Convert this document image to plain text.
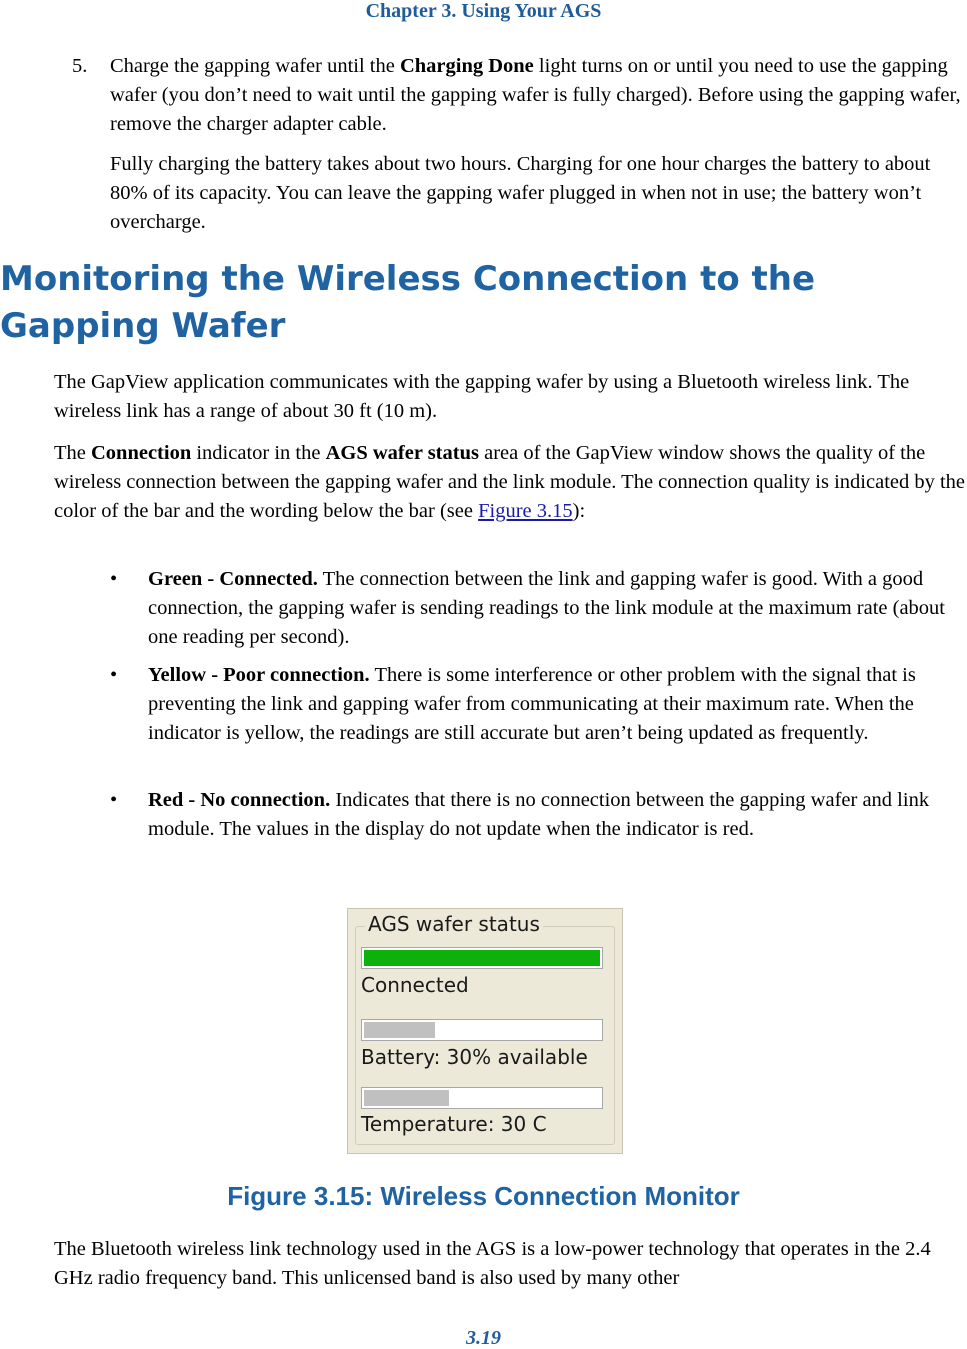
Chapter 3. Using Your AGS
5. Charge the gapping wafer until the Charging Done light turns on or until you need to use the gapping wafer (you don’t need to wait until the gapping wafer is fully charged). Before using the gapping wafer, remove the charger adapter cable.

Fully charging the battery takes about two hours. Charging for one hour charges the battery to about 80% of its capacity. You can leave the gapping wafer plugged in when not in use; the battery won’t overcharge.

Monitoring the Wireless Connection to the Gapping Wafer

The GapView application communicates with the gapping wafer by using a Bluetooth wireless link. The wireless link has a range of about 30 ft (10 m).

The Connection indicator in the AGS wafer status area of the GapView window shows the quality of the wireless connection between the gapping wafer and the link module. The connection quality is indicated by the color of the bar and the wording below the bar (see Figure 3.15):

• Green - Connected. The connection between the link and gapping wafer is good. With a good connection, the gapping wafer is sending readings to the link module at the maximum rate (about one reading per second).
• Yellow - Poor connection. There is some interference or other problem with the signal that is preventing the link and gapping wafer from communicating at their maximum rate. When the indicator is yellow, the readings are still accurate but aren’t being updated as frequently.
• Red - No connection. Indicates that there is no connection between the gapping wafer and link module. The values in the display do not update when the indicator is red.
AGS wafer status
Connected
Battery: 30% available
Temperature: 30 C

Figure 3.15: Wireless Connection Monitor

The Bluetooth wireless link technology used in the AGS is a low-power technology that operates in the 2.4 GHz radio frequency band. This unlicensed band is also used by many other

3.19
